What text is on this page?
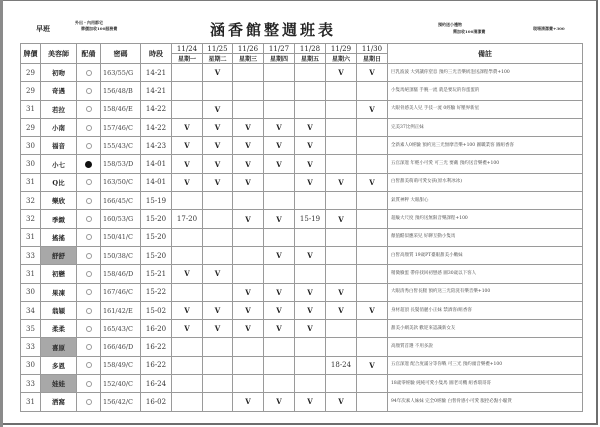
早班
外出・內用都宅
牌價加收100服務費	涵香館整週班表	預約送小禮物
需加收100清潔費
現場清潔費+300
牌價	美容師	配備	密碼	時段	11/24	11/25	11/26	11/27	11/28	11/29	11/30	備註
					星期一	星期二	星期三	星期四	星期五	星期六	星期日	
29	初吻		163/55/G	14-21		V				V	V	巨乳波波 大到讓你窒息 預約三光音樂紉泡送課程學費+100
29	奇遇		156/48/B	14-21								小隻馬絕頂騷 手腕一流 就是要玩的你蛋蛋的
31	若拉		158/46/E	14-22		V					V	大眼骨感美人兒 手技一流 0經驗 好壓界新星
29	小南		157/46/C	14-22	V	V	V	V	V			完美37比例正妹
30	福音		155/43/C	14-23	V	V	V	V	V			全新素人0經驗 預約送三光無摩音樂+100 圖職業客 圖組香客
30	小七		158/53/D	14-01	V	V	V	V	V			五官深邃 年輕小可愛 可三光 要戴 預約送音樂禮+100
31	Q比		163/50/C	14-01	V	V	V		V	V	V	白皙甜美萌萌可愛女孩(原水利冰冰)
32	樂欣		166/45/C	15-19								氣質神秤 大眼甜心
32	季緻		160/53/G	15-20	17-20		V	V	15-19	V		超級大尺度 預約送無限音樂課程+100
31	搖搖		150/41/C	15-20								顏值酷似應采兒 好聊互動小隻馬
33	舒舒		150/38/C	15-20				V	V			白皙高顏質 19歲PT臺眼甜美小嫩妹
31	初戀		158/46/D	15-21	V	V						稍微臉蛋 帶你找回初戀感 圖30歲以下客人
30	果凍		167/46/C	15-22			V	V	V	V		大眼清秀白皙長腿 預約送三光陪洗有樂音樂+100
34	翁穎		161/42/E	15-02	V	V	V	V	V	V	V	身材超頂 長髮俏麗小正妹 禁酒客/組香客
35	柔柔		165/43/C	16-20	V	V	V	V	V			甜美小網美款 歡迎來認識新女友
33	喜原		166/46/D	16-22								高顏質首選 不用多說
30	多恩		158/49/C	16-22						18-24	V	五官深邃 配合度滿分等你戰 可三光 預約頭音樂禮+100
33	娃娃		152/40/C	16-24								18歲零經驗 純純可愛小隻馬 圖老司機 組香環哥哥
31	洒窩		156/42/C	16-02			V	V	V	V		94年次素人妹妹 完全0經驗 白皙骨感小可愛 服控必點小騷貨
